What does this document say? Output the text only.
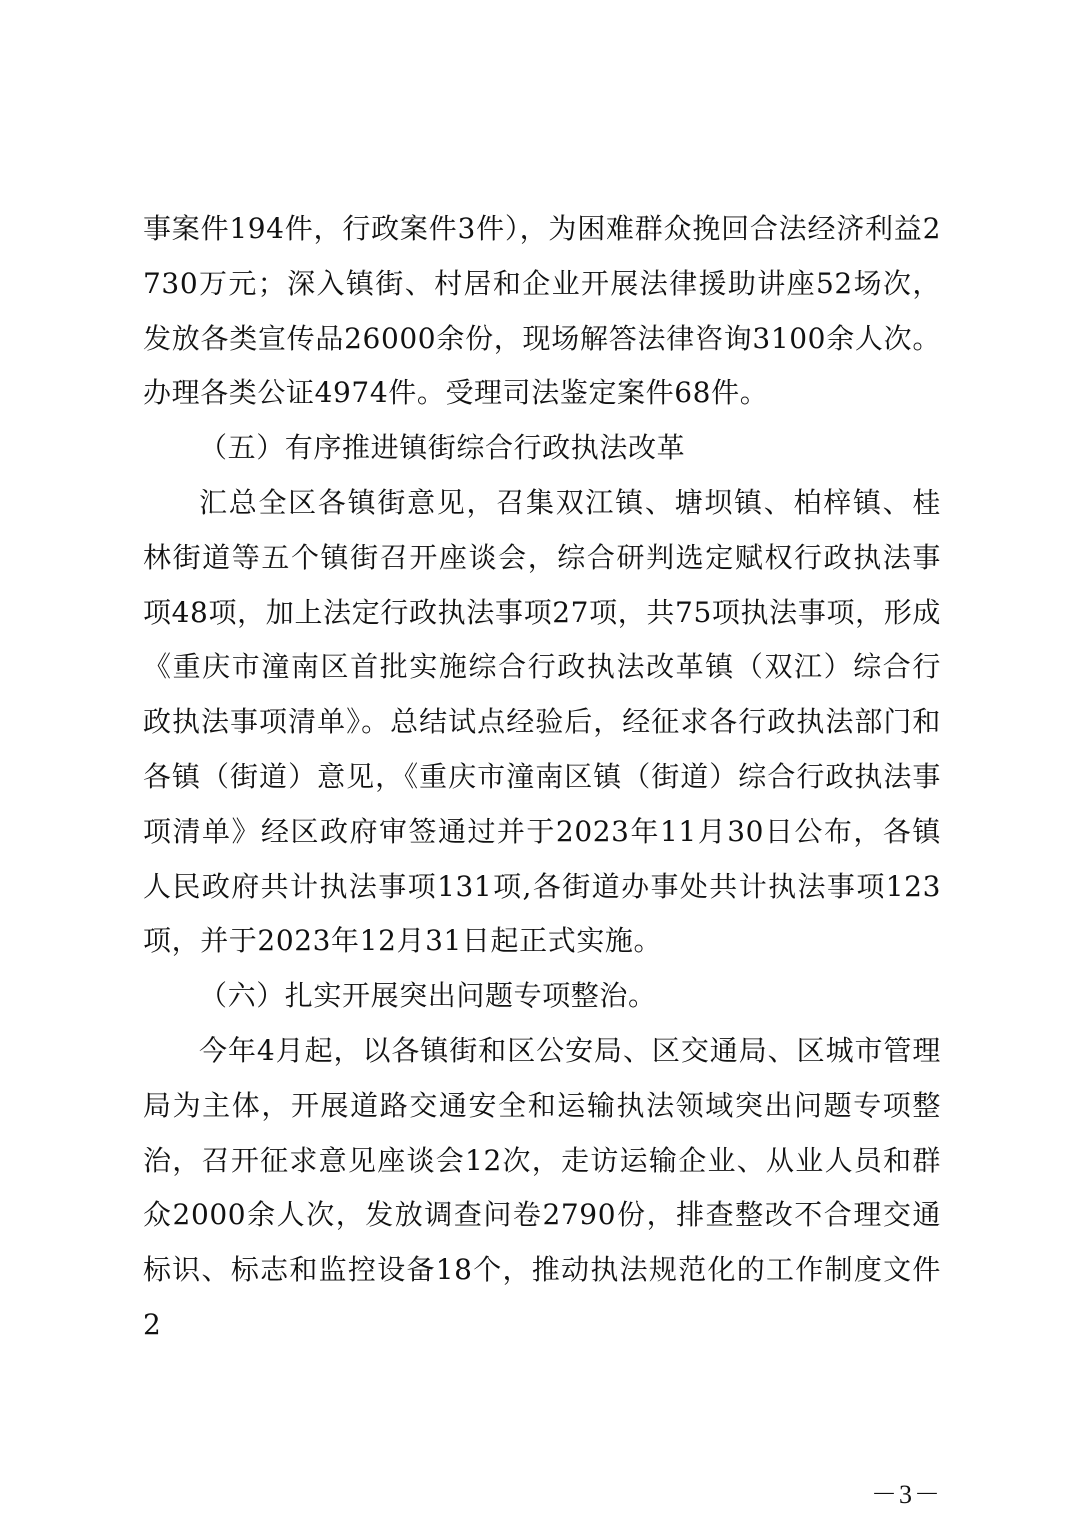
事案件194件，行政案件3件），为困难群众挽回合法经济利益2730万元；深入镇街、村居和企业开展法律援助讲座52场次，发放各类宣传品26000余份，现场解答法律咨询3100余人次。办理各类公证4974件。受理司法鉴定案件68件。

（五）有序推进镇街综合行政执法改革

汇总全区各镇街意见，召集双江镇、塘坝镇、柏梓镇、桂林街道等五个镇街召开座谈会，综合研判选定赋权行政执法事项48项，加上法定行政执法事项27项，共75项执法事项，形成《重庆市潼南区首批实施综合行政执法改革镇（双江）综合行政执法事项清单》。总结试点经验后，经征求各行政执法部门和各镇（街道）意见，《重庆市潼南区镇（街道）综合行政执法事项清单》经区政府审签通过并于2023年11月30日公布，各镇人民政府共计执法事项131项,各街道办事处共计执法事项123项，并于2023年12月31日起正式实施。

（六）扎实开展突出问题专项整治。

今年4月起，以各镇街和区公安局、区交通局、区城市管理局为主体，开展道路交通安全和运输执法领域突出问题专项整治，召开征求意见座谈会12次，走访运输企业、从业人员和群众2000余人次，发放调查问卷2790份，排查整改不合理交通标识、标志和监控设备18个，推动执法规范化的工作制度文件2

－3－
